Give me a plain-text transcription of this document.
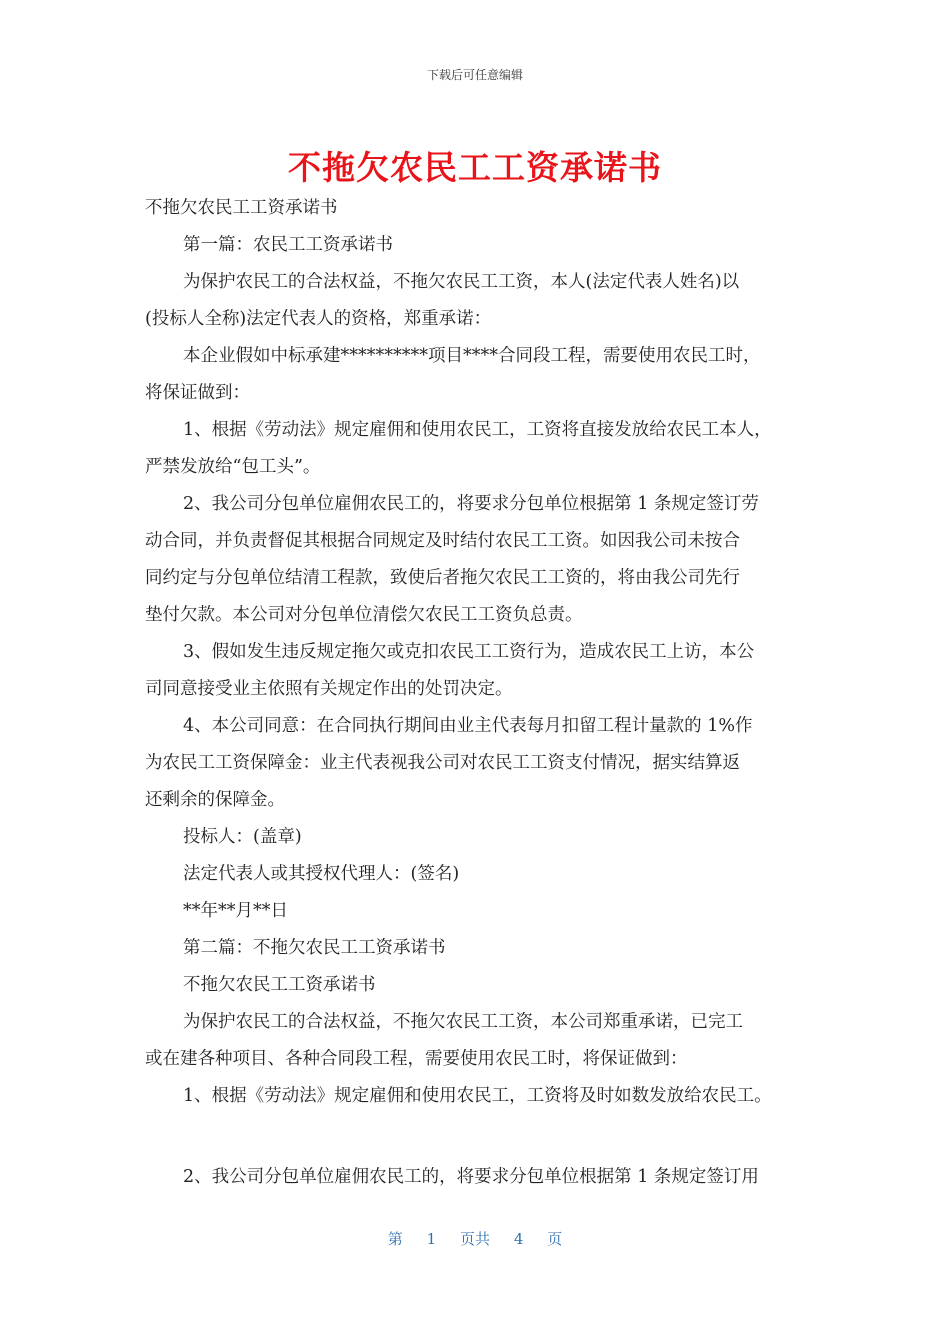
下载后可任意编辑
不拖欠农民工工资承诺书
不拖欠农民工工资承诺书
第一篇：农民工工资承诺书
为保护农民工的合法权益，不拖欠农民工工资，本人(法定代表人姓名)以
(投标人全称)法定代表人的资格，郑重承诺：
本企业假如中标承建**********项目****合同段工程，需要使用农民工时，
将保证做到：
1、根据《劳动法》规定雇佣和使用农民工，工资将直接发放给农民工本人，
严禁发放给“包工头”。
2、我公司分包单位雇佣农民工的，将要求分包单位根据第 1 条规定签订劳
动合同，并负责督促其根据合同规定及时结付农民工工资。如因我公司未按合
同约定与分包单位结清工程款，致使后者拖欠农民工工资的，将由我公司先行
垫付欠款。本公司对分包单位清偿欠农民工工资负总责。
3、假如发生违反规定拖欠或克扣农民工工资行为，造成农民工上访，本公
司同意接受业主依照有关规定作出的处罚决定。
4、本公司同意：在合同执行期间由业主代表每月扣留工程计量款的 1%作
为农民工工资保障金：业主代表视我公司对农民工工资支付情况，据实结算返
还剩余的保障金。
投标人：(盖章)
法定代表人或其授权代理人：(签名)
**年**月**日
第二篇：不拖欠农民工工资承诺书
不拖欠农民工工资承诺书
为保护农民工的合法权益，不拖欠农民工工资，本公司郑重承诺，已完工
或在建各种项目、各种合同段工程，需要使用农民工时，将保证做到：
1、根据《劳动法》规定雇佣和使用农民工，工资将及时如数发放给农民工。
2、我公司分包单位雇佣农民工的，将要求分包单位根据第 1 条规定签订用
第 1 页共 4 页
